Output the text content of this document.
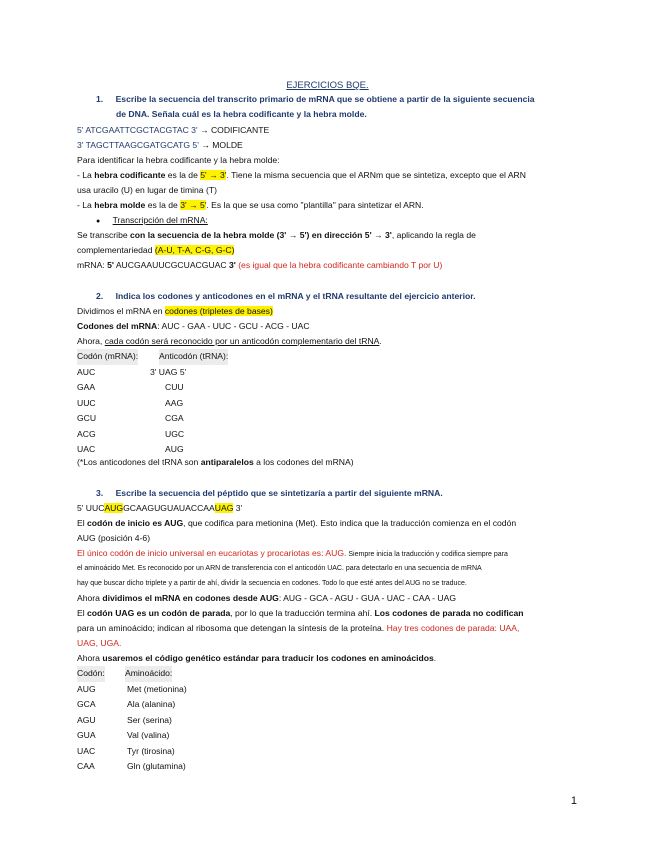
EJERCICIOS BQE.
1. Escribe la secuencia del transcrito primario de mRNA que se obtiene a partir de la siguiente secuencia
de DNA. Señala cuál es la hebra codificante y la hebra molde.
5' ATCGAATTCGCTACGTAC 3' → CODIFICANTE
3' TAGCTTAAGCGATGCATG 5' → MOLDE
Para identificar la hebra codificante y la hebra molde:
- La hebra codificante es la de 5' → 3'. Tiene la misma secuencia que el ARNm que se sintetiza, excepto que el ARN
usa uracilo (U) en lugar de timina (T)
- La hebra molde es la de 3' → 5'. Es la que se usa como "plantilla" para sintetizar el ARN.
● Transcripción del mRNA:
Se transcribe con la secuencia de la hebra molde (3' → 5') en dirección 5' → 3', aplicando la regla de
complementariedad (A-U, T-A, C-G, G-C)
mRNA: 5' AUCGAAUUCGCUACGUAC 3' (es igual que la hebra codificante cambiando T por U)
2. Indica los codones y anticodones en el mRNA y el tRNA resultante del ejercicio anterior.
Dividimos el mRNA en codones (tripletes de bases)
Codones del mRNA: AUC - GAA - UUC - GCU - ACG - UAC
Ahora, cada codón será reconocido por un anticodón complementario del tRNA.
Codón (mRNA): Anticodón (tRNA):
AUC	3' UAG 5'
GAA	CUU
UUC	AAG
GCU	CGA
ACG	UGC
UAC	AUG
(*Los anticodones del tRNA son antiparalelos a los codones del mRNA)
3. Escribe la secuencia del péptido que se sintetizaría a partir del siguiente mRNA.
5' UUCAUGGCAAGUGUAUACCAAUAG 3'
El codón de inicio es AUG, que codifica para metionina (Met). Esto indica que la traducción comienza en el codón
AUG (posición 4-6)
El único codón de inicio universal en eucariotas y procariotas es: AUG. Siempre inicia la traducción y codifica siempre para
el aminoácido Met. Es reconocido por un ARN de transferencia con el anticodón UAC. para detectarlo en una secuencia de mRNA
hay que buscar dicho triplete y a partir de ahí, dividir la secuencia en codones. Todo lo que esté antes del AUG no se traduce.
Ahora dividimos el mRNA en codones desde AUG: AUG - GCA - AGU - GUA - UAC - CAA - UAG
El codón UAG es un codón de parada, por lo que la traducción termina ahí. Los codones de parada no codifican
para un aminoácido; indican al ribosoma que detengan la síntesis de la proteína. Hay tres codones de parada: UAA,
UAG, UGA.
Ahora usaremos el código genético estándar para traducir los codones en aminoácidos.
Codón: Aminoácido:
AUG	Met (metionina)
GCA	Ala (alanina)
AGU	Ser (serina)
GUA	Val (valina)
UAC	Tyr (tirosina)
CAA	Gln (glutamina)
1
